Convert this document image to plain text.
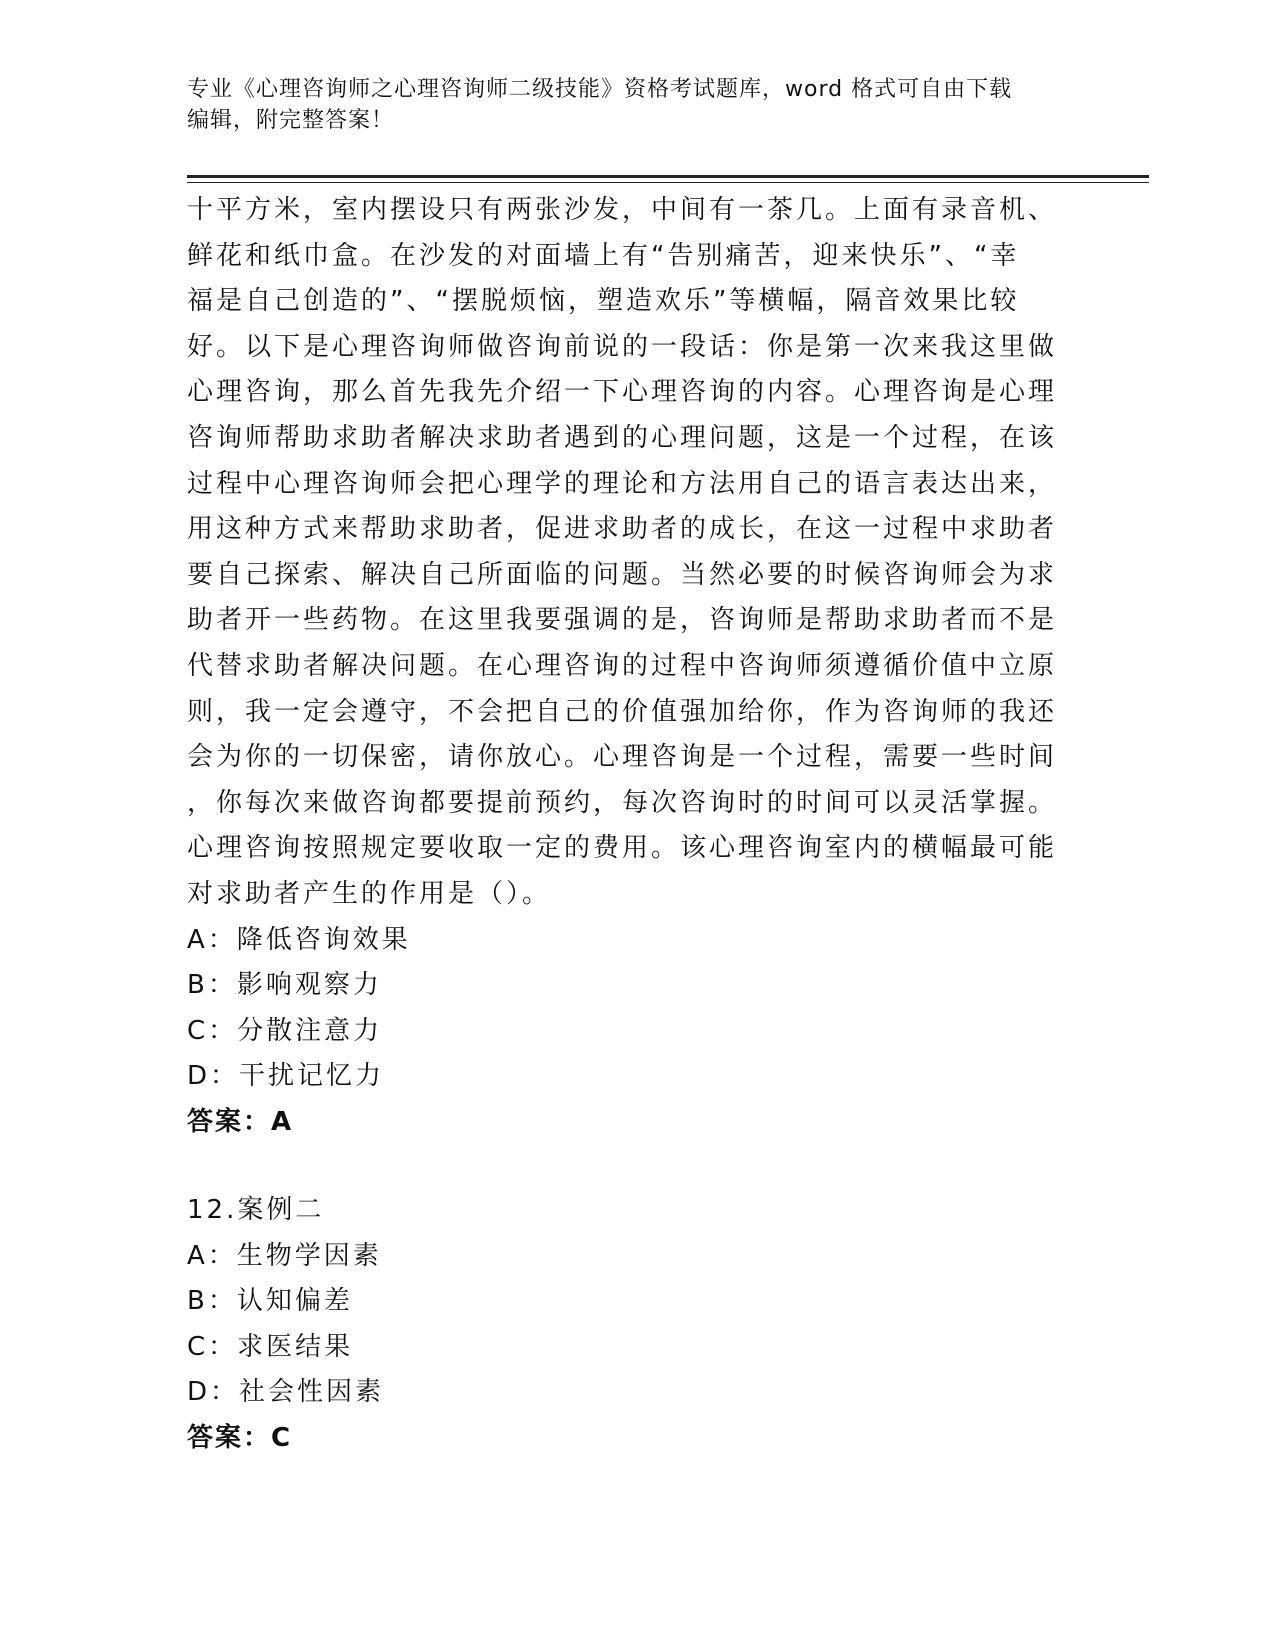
专业《心理咨询师之心理咨询师二级技能》资格考试题库，word 格式可自由下载
编辑，附完整答案！
十平方米，室内摆设只有两张沙发，中间有一茶几。上面有录音机、
鲜花和纸巾盒。在沙发的对面墙上有“告别痛苦，迎来快乐”、“幸
福是自己创造的”、“摆脱烦恼，塑造欢乐”等横幅，隔音效果比较
好。以下是心理咨询师做咨询前说的一段话：你是第一次来我这里做
心理咨询，那么首先我先介绍一下心理咨询的内容。心理咨询是心理
咨询师帮助求助者解决求助者遇到的心理问题，这是一个过程，在该
过程中心理咨询师会把心理学的理论和方法用自己的语言表达出来，
用这种方式来帮助求助者，促进求助者的成长，在这一过程中求助者
要自己探索、解决自己所面临的问题。当然必要的时候咨询师会为求
助者开一些药物。在这里我要强调的是，咨询师是帮助求助者而不是
代替求助者解决问题。在心理咨询的过程中咨询师须遵循价值中立原
则，我一定会遵守，不会把自己的价值强加给你，作为咨询师的我还
会为你的一切保密，请你放心。心理咨询是一个过程，需要一些时间
，你每次来做咨询都要提前预约，每次咨询时的时间可以灵活掌握。
心理咨询按照规定要收取一定的费用。该心理咨询室内的横幅最可能
对求助者产生的作用是（）。
A：降低咨询效果
B：影响观察力
C：分散注意力
D：干扰记忆力
答案：A
12.案例二
A：生物学因素
B：认知偏差
C：求医结果
D：社会性因素
答案：C
